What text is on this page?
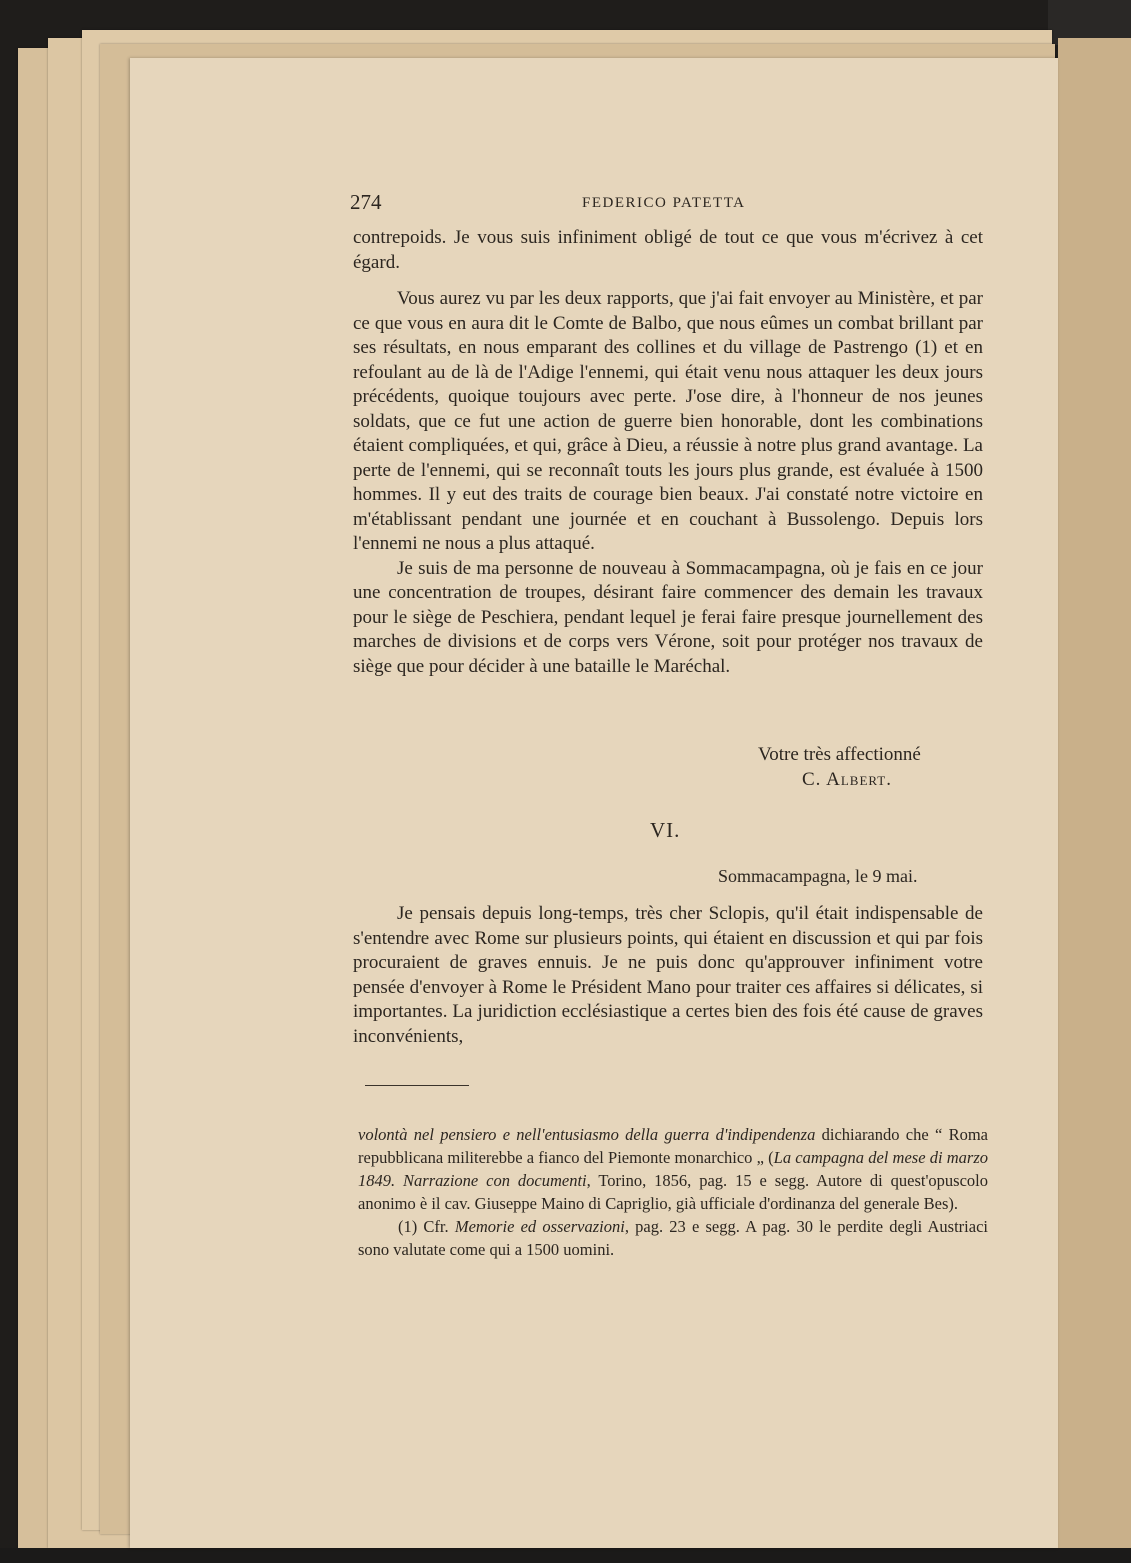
274	FEDERICO PATETTA

contrepoids. Je vous suis infiniment obligé de tout ce que vous m'écrivez à cet égard.

Vous aurez vu par les deux rapports, que j'ai fait envoyer au Ministère, et par ce que vous en aura dit le Comte de Balbo, que nous eûmes un combat brillant par ses résultats, en nous emparant des collines et du village de Pastrengo (1) et en refoulant au de là de l'Adige l'ennemi, qui était venu nous attaquer les deux jours précédents, quoique toujours avec perte. J'ose dire, à l'honneur de nos jeunes soldats, que ce fut une action de guerre bien honorable, dont les combinations étaient compliquées, et qui, grâce à Dieu, a réussie à notre plus grand avantage. La perte de l'ennemi, qui se reconnaît touts les jours plus grande, est évaluée à 1500 hommes. Il y eut des traits de courage bien beaux. J'ai constaté notre victoire en m'établissant pendant une journée et en couchant à Bussolengo. Depuis lors l'ennemi ne nous a plus attaqué.

Je suis de ma personne de nouveau à Sommacampagna, où je fais en ce jour une concentration de troupes, désirant faire commencer des demain les travaux pour le siège de Peschiera, pendant lequel je ferai faire presque journellement des marches de divisions et de corps vers Vérone, soit pour protéger nos travaux de siège que pour décider à une bataille le Maréchal.

Votre très affectionné
C. Albert.
VI.
Sommacampagna, le 9 mai.

Je pensais depuis long-temps, très cher Sclopis, qu'il était indispensable de s'entendre avec Rome sur plusieurs points, qui étaient en discussion et qui par fois procuraient de graves ennuis. Je ne puis donc qu'approuver infiniment votre pensée d'envoyer à Rome le Président Mano pour traiter ces affaires si délicates, si importantes. La juridiction ecclésiastique a certes bien des fois été cause de graves inconvénients,

volontà nel pensiero e nell'entusiasmo della guerra d'indipendenza dichiarando che “ Roma repubblicana militerebbe a fianco del Piemonte monarchico „ (La campagna del mese di marzo 1849. Narrazione con documenti, Torino, 1856, pag. 15 e segg. Autore di quest'opuscolo anonimo è il cav. Giuseppe Maino di Capriglio, già ufficiale d'ordinanza del generale Bes).

(1) Cfr. Memorie ed osservazioni, pag. 23 e segg. A pag. 30 le perdite degli Austriaci sono valutate come qui a 1500 uomini.
